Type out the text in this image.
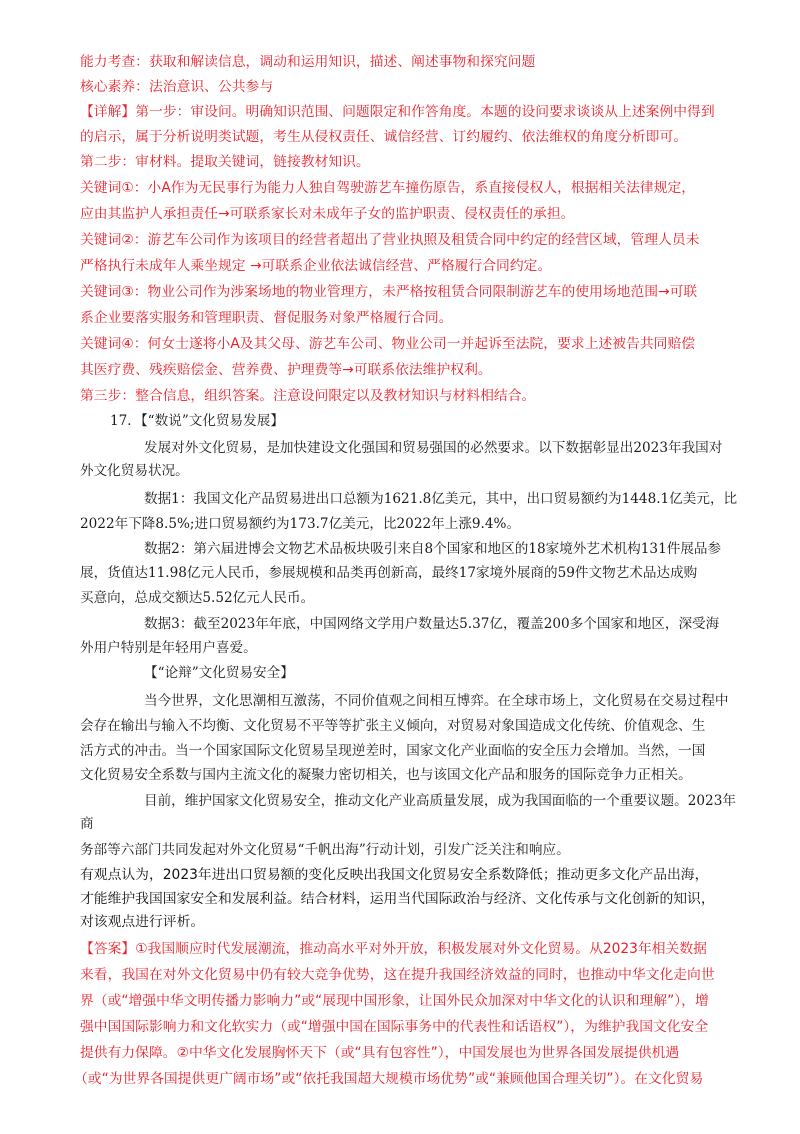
能力考查：获取和解读信息，调动和运用知识，描述、阐述事物和探究问题
核心素养：法治意识、公共参与
【详解】第一步：审设问。明确知识范围、问题限定和作答角度。本题的设问要求谈谈从上述案例中得到
的启示，属于分析说明类试题，考生从侵权责任、诚信经营、订约履约、依法维权的角度分析即可。
第二步：审材料。提取关键词，链接教材知识。
关键词①：小A作为无民事行为能力人独自驾驶游艺车撞伤原告，系直接侵权人，根据相关法律规定，
应由其监护人承担责任→可联系家长对未成年子女的监护职责、侵权责任的承担。
关键词②：游艺车公司作为该项目的经营者超出了营业执照及租赁合同中约定的经营区域，管理人员未
严格执行未成年人乘坐规定 →可联系企业依法诚信经营、严格履行合同约定。
关键词③：物业公司作为涉案场地的物业管理方，未严格按租赁合同限制游艺车的使用场地范围→可联
系企业要落实服务和管理职责、督促服务对象严格履行合同。
关键词④：何女士遂将小A及其父母、游艺车公司、物业公司一并起诉至法院，要求上述被告共同赔偿
其医疗费、残疾赔偿金、营养费、护理费等→可联系依法维护权利。
第三步：整合信息，组织答案。注意设问限定以及教材知识与材料相结合。
17．【“数说”文化贸易发展】
发展对外文化贸易，是加快建设文化强国和贸易强国的必然要求。以下数据彰显出2023年我国对
外文化贸易状况。
数据1：我国文化产品贸易进出口总额为1621.8亿美元，其中，出口贸易额约为1448.1亿美元，比
2022年下降8.5%;进口贸易额约为173.7亿美元，比2022年上涨9.4%。
数据2：第六届进博会文物艺术品板块吸引来自8个国家和地区的18家境外艺术机构131件展品参
展，货值达11.98亿元人民币，参展规模和品类再创新高，最终17家境外展商的59件文物艺术品达成购
买意向，总成交额达5.52亿元人民币。
数据3：截至2023年年底，中国网络文学用户数量达5.37亿，覆盖200多个国家和地区，深受海
外用户特别是年轻用户喜爱。
【“论辩”文化贸易安全】
当今世界，文化思潮相互激荡，不同价值观之间相互博弈。在全球市场上，文化贸易在交易过程中
会存在输出与输入不均衡、文化贸易不平等等扩张主义倾向，对贸易对象国造成文化传统、价值观念、生
活方式的冲击。当一个国家国际文化贸易呈现逆差时，国家文化产业面临的安全压力会增加。当然，一国
文化贸易安全系数与国内主流文化的凝聚力密切相关，也与该国文化产品和服务的国际竞争力正相关。
目前，维护国家文化贸易安全，推动文化产业高质量发展，成为我国面临的一个重要议题。2023年
商
务部等六部门共同发起对外文化贸易“千帆出海”行动计划，引发广泛关注和响应。
有观点认为，2023年进出口贸易额的变化反映出我国文化贸易安全系数降低；推动更多文化产品出海，
才能维护我国国家安全和发展利益。结合材料，运用当代国际政治与经济、文化传承与文化创新的知识，
对该观点进行评析。
【答案】①我国顺应时代发展潮流，推动高水平对外开放，积极发展对外文化贸易。从2023年相关数据
来看，我国在对外文化贸易中仍有较大竞争优势，这在提升我国经济效益的同时，也推动中华文化走向世
界（或“增强中华文明传播力影响力”或“展现中国形象，让国外民众加深对中华文化的认识和理解”），增
强中国国际影响力和文化软实力（或“增强中国在国际事务中的代表性和话语权”），为维护我国文化安全
提供有力保障。②中华文化发展胸怀天下（或“具有包容性”），中国发展也为世界各国发展提供机遇
（或“为世界各国提供更广阔市场”或“依托我国超大规模市场优势”或“兼顾他国合理关切”）。在文化贸易
